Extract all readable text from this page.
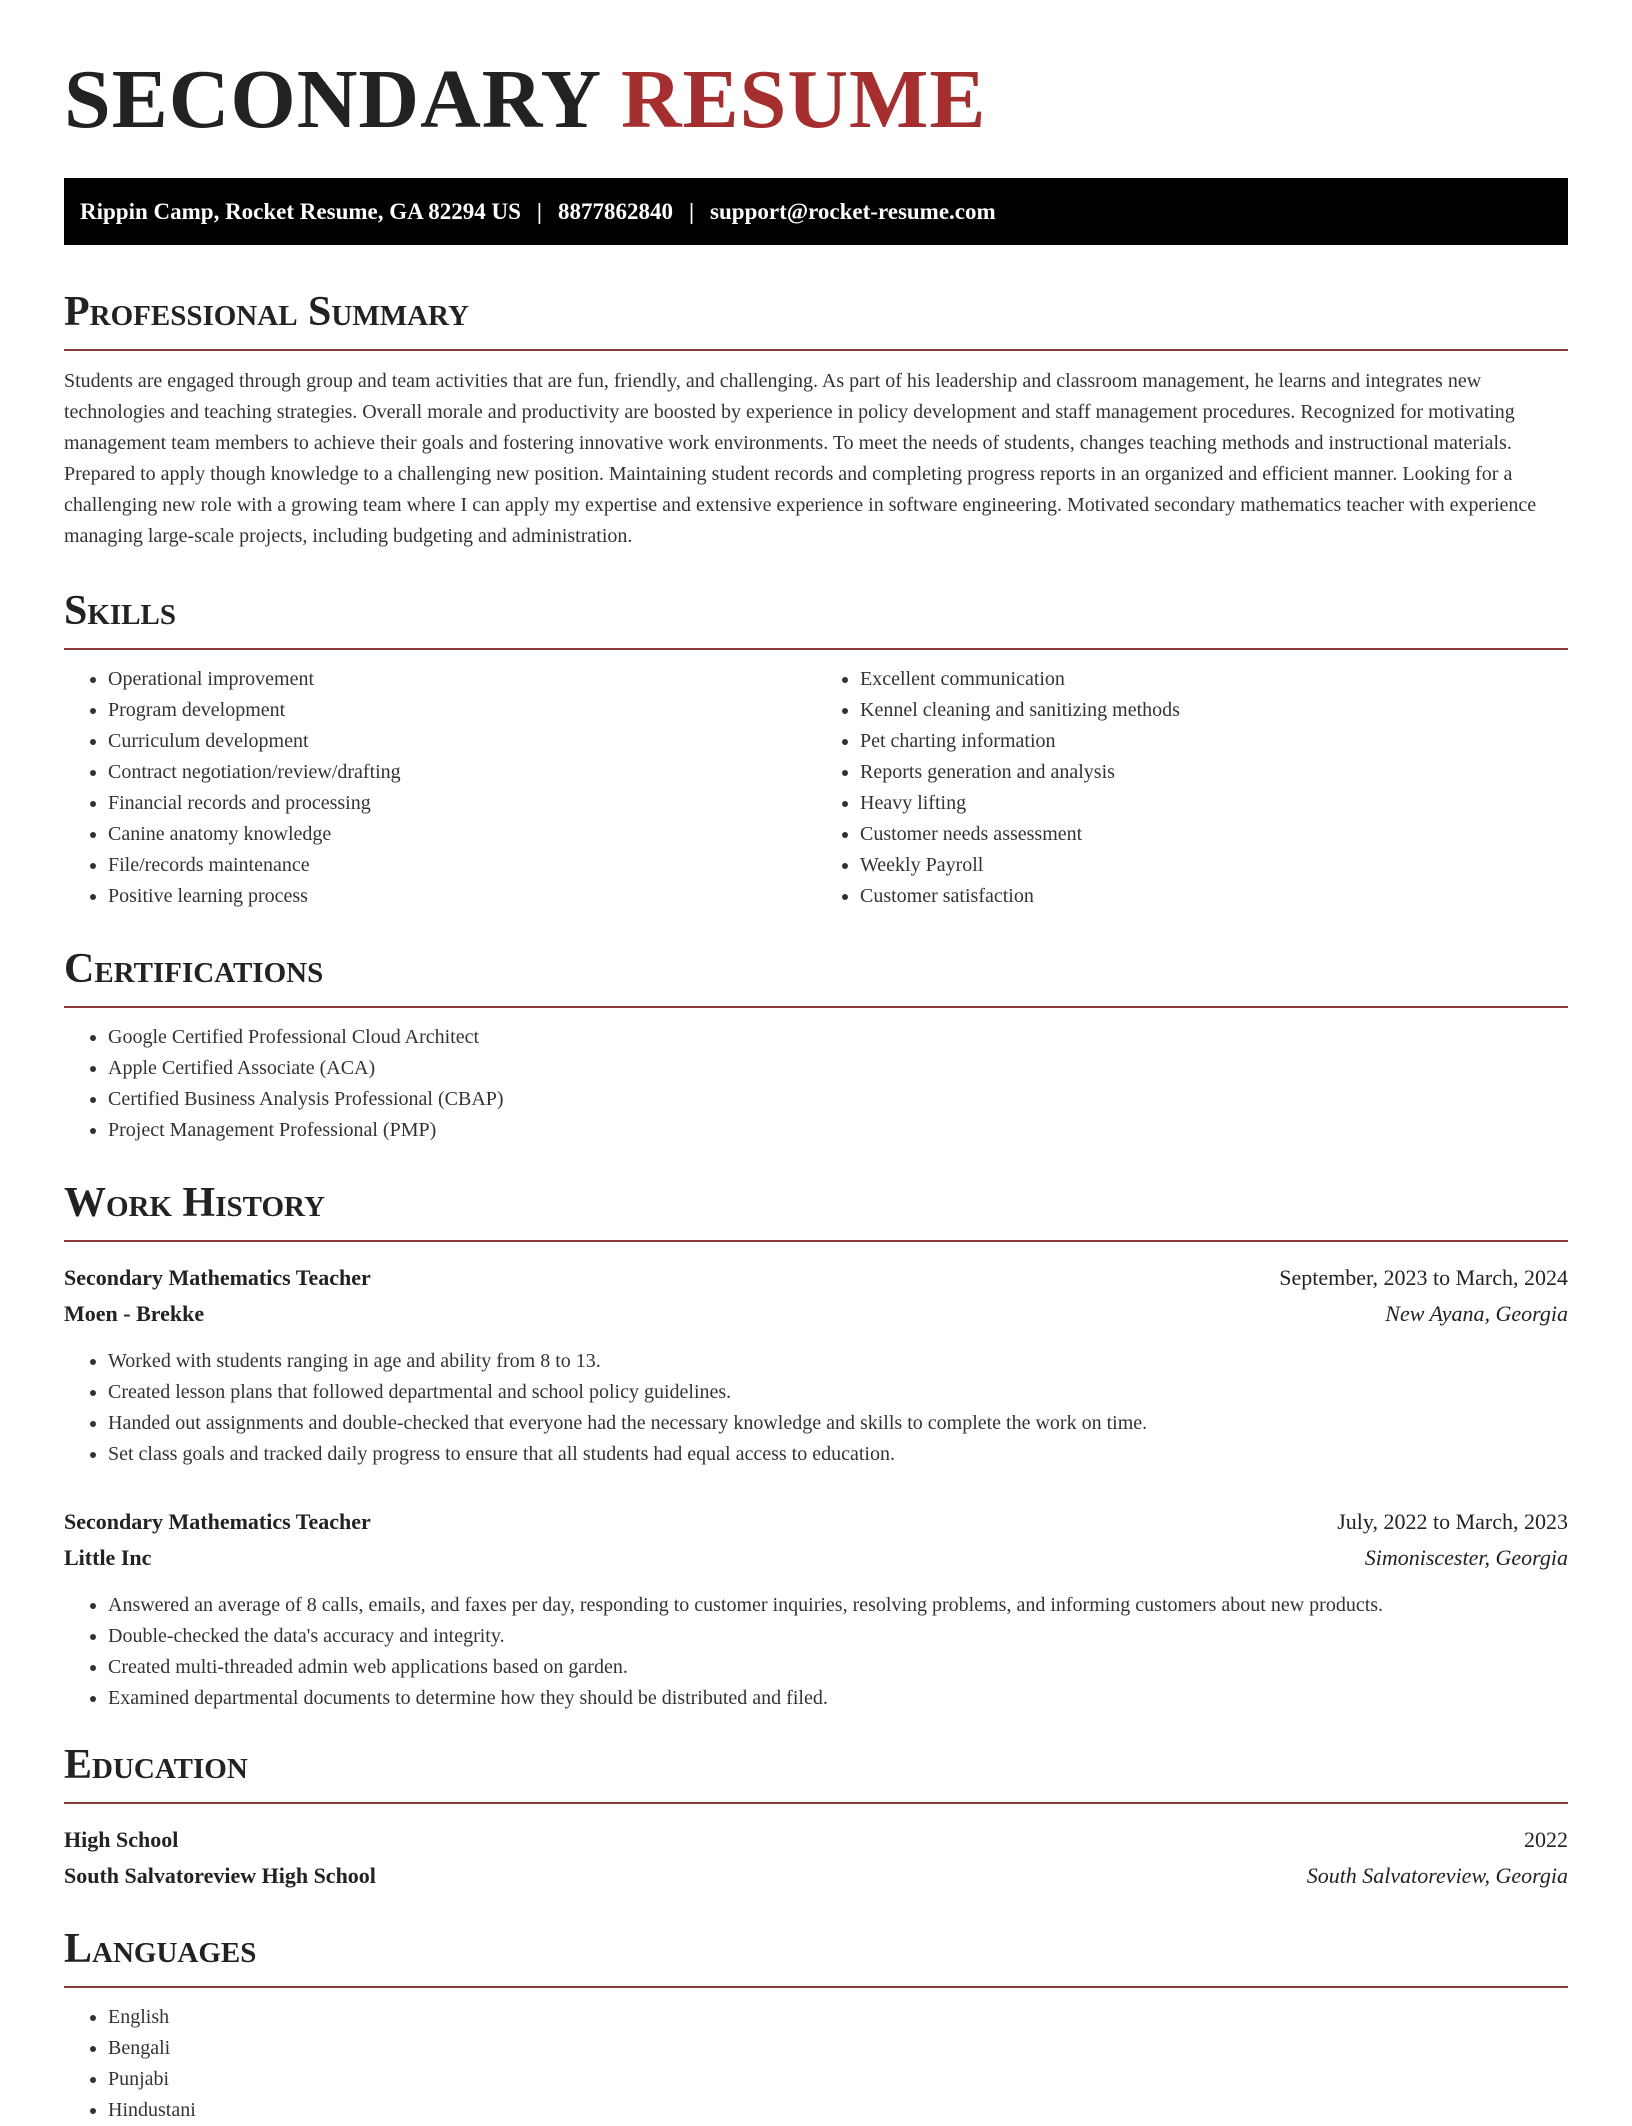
SECONDARY RESUME
Rippin Camp, Rocket Resume, GA 82294 US | 8877862840 | support@rocket-resume.com
Professional Summary
Students are engaged through group and team activities that are fun, friendly, and challenging. As part of his leadership and classroom management, he learns and integrates new technologies and teaching strategies. Overall morale and productivity are boosted by experience in policy development and staff management procedures. Recognized for motivating management team members to achieve their goals and fostering innovative work environments. To meet the needs of students, changes teaching methods and instructional materials. Prepared to apply though knowledge to a challenging new position. Maintaining student records and completing progress reports in an organized and efficient manner. Looking for a challenging new role with a growing team where I can apply my expertise and extensive experience in software engineering. Motivated secondary mathematics teacher with experience managing large-scale projects, including budgeting and administration.
Skills
• Operational improvement
• Program development
• Curriculum development
• Contract negotiation/review/drafting
• Financial records and processing
• Canine anatomy knowledge
• File/records maintenance
• Positive learning process
• Excellent communication
• Kennel cleaning and sanitizing methods
• Pet charting information
• Reports generation and analysis
• Heavy lifting
• Customer needs assessment
• Weekly Payroll
• Customer satisfaction
Certifications
• Google Certified Professional Cloud Architect
• Apple Certified Associate (ACA)
• Certified Business Analysis Professional (CBAP)
• Project Management Professional (PMP)
Work History
Secondary Mathematics Teacher	September, 2023 to March, 2024
Moen - Brekke	New Ayana, Georgia
• Worked with students ranging in age and ability from 8 to 13.
• Created lesson plans that followed departmental and school policy guidelines.
• Handed out assignments and double-checked that everyone had the necessary knowledge and skills to complete the work on time.
• Set class goals and tracked daily progress to ensure that all students had equal access to education.
Secondary Mathematics Teacher	July, 2022 to March, 2023
Little Inc	Simoniscester, Georgia
• Answered an average of 8 calls, emails, and faxes per day, responding to customer inquiries, resolving problems, and informing customers about new products.
• Double-checked the data's accuracy and integrity.
• Created multi-threaded admin web applications based on garden.
• Examined departmental documents to determine how they should be distributed and filed.
Education
High School	2022
South Salvatoreview High School	South Salvatoreview, Georgia
Languages
• English
• Bengali
• Punjabi
• Hindustani
